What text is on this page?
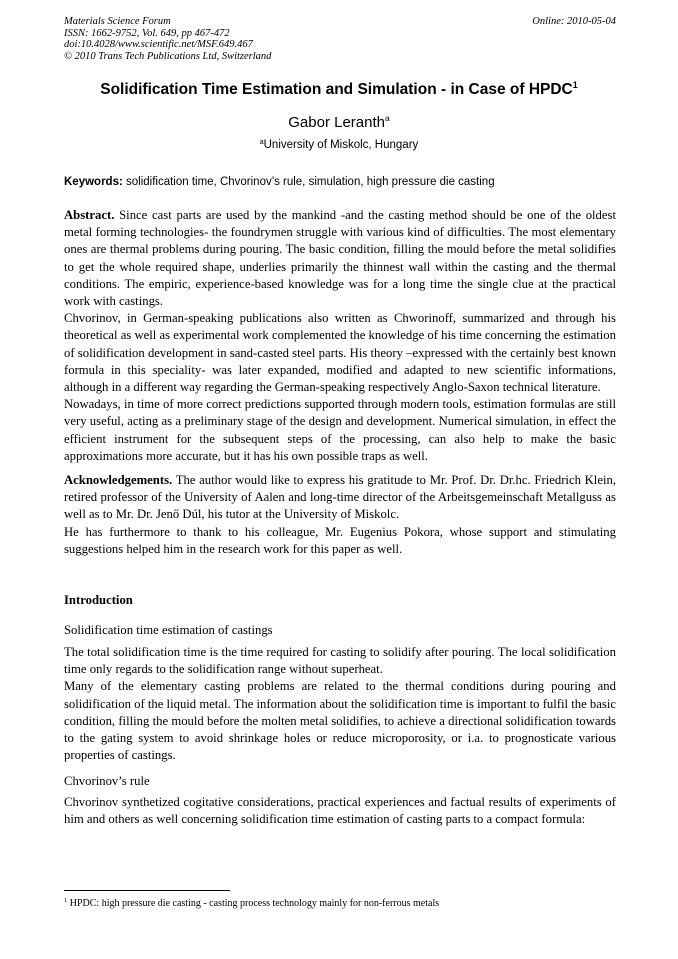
Materials Science Forum
ISSN: 1662-9752, Vol. 649, pp 467-472
doi:10.4028/www.scientific.net/MSF.649.467
© 2010 Trans Tech Publications Ltd, Switzerland
Online: 2010-05-04
Solidification Time Estimation and Simulation - in Case of HPDC$^1$
Gabor Leranth$^a$
$^a$University of Miskolc, Hungary
Keywords: solidification time, Chvorinov’s rule, simulation, high pressure die casting

Abstract. Since cast parts are used by the mankind -and the casting method should be one of the oldest metal forming technologies- the foundrymen struggle with various kind of difficulties. The most elementary ones are thermal problems during pouring. The basic condition, filling the mould before the metal solidifies to get the whole required shape, underlies primarily the thinnest wall within the casting and the thermal conditions. The empiric, experience-based knowledge was for a long time the single clue at the practical work with castings.

Chvorinov, in German-speaking publications also written as Chworinoff, summarized and through his theoretical as well as experimental work complemented the knowledge of his time concerning the estimation of solidification development in sand-casted steel parts. His theory –expressed with the certainly best known formula in this speciality- was later expanded, modified and adapted to new scientific informations, although in a different way regarding the German-speaking respectively Anglo-Saxon technical literature.

Nowadays, in time of more correct predictions supported through modern tools, estimation formulas are still very useful, acting as a preliminary stage of the design and development. Numerical simulation, in effect the efficient instrument for the subsequent steps of the processing, can also help to make the basic approximations more accurate, but it has his own possible traps as well.

Acknowledgements. The author would like to express his gratitude to Mr. Prof. Dr. Dr.hc. Friedrich Klein, retired professor of the University of Aalen and long-time director of the Arbeitsgemeinschaft Metallguss as well as to Mr. Dr. Jenő Dúl, his tutor at the University of Miskolc.

He has furthermore to thank to his colleague, Mr. Eugenius Pokora, whose support and stimulating suggestions helped him in the research work for this paper as well.

Introduction
Solidification time estimation of castings

The total solidification time is the time required for casting to solidify after pouring. The local solidification time only regards to the solidification range without superheat.

Many of the elementary casting problems are related to the thermal conditions during pouring and solidification of the liquid metal. The information about the solidification time is important to fulfil the basic condition, filling the mould before the molten metal solidifies, to achieve a directional solidification towards to the gating system to avoid shrinkage holes or reduce microporosity, or i.a. to prognosticate various properties of castings.

Chvorinov’s rule

Chvorinov synthetized cogitative considerations, practical experiences and factual results of experiments of him and others as well concerning solidification time estimation of casting parts to a compact formula:

$^1$ HPDC: high pressure die casting - casting process technology mainly for non-ferrous metals
